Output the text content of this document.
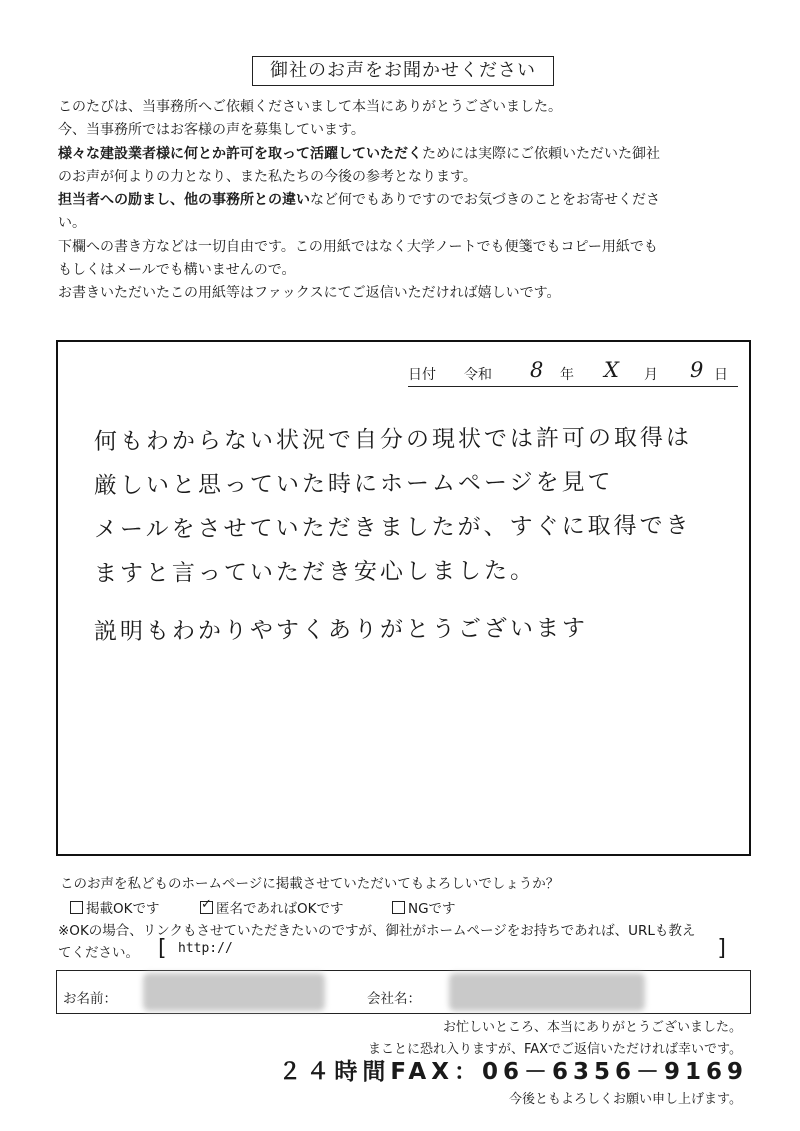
御社のお声をお聞かせください

このたびは、当事務所へご依頼くださいまして本当にありがとうございました。

今、当事務所ではお客様の声を募集しています。

様々な建設業者様に何とか許可を取って活躍していただくためには実際にご依頼いただいた御社

のお声が何よりの力となり、また私たちの今後の参考となります。

担当者への励まし、他の事務所との違いなど何でもありですのでお気づきのことをお寄せくださ

い。

下欄への書き方などは一切自由です。この用紙ではなく大学ノートでも便箋でもコピー用紙でも

もしくはメールでも構いませんので。

お書きいただいたこの用紙等はファックスにてご返信いただければ嬉しいです。

日付 令和 8 年 X 月 9 日
何もわからない状況で自分の現状では許可の取得は
厳しいと思っていた時にホームページを見て
メールをさせていただきましたが、すぐに取得でき
ますと言っていただき安心しました。
説明もわかりやすくありがとうございます
このお声を私どものホームページに掲載させていただいてもよろしいでしょうか？
掲載OKです	✓ 匿名であればOKです	NGです

※OKの場合、リンクもさせていただきたいのですが、御社がホームページをお持ちであれば、URLも教え

てください。 [ http://	]
お名前：	会社名：
お忙しいところ、本当にありがとうございました。
まことに恐れ入りますが、FAXでご返信いただければ幸いです。
２４時間FAX：06－6356－9169
今後ともよろしくお願い申し上げます。
